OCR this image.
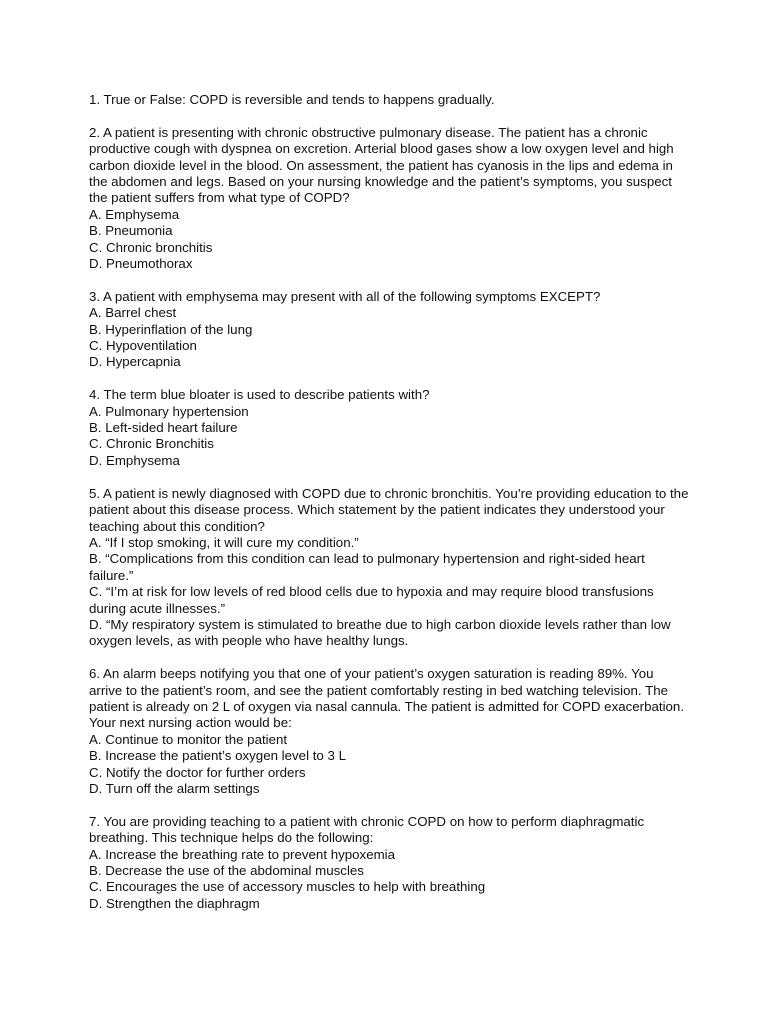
1. True or False: COPD is reversible and tends to happens gradually.
2. A patient is presenting with chronic obstructive pulmonary disease. The patient has a chronic productive cough with dyspnea on excretion. Arterial blood gases show a low oxygen level and high carbon dioxide level in the blood. On assessment, the patient has cyanosis in the lips and edema in the abdomen and legs. Based on your nursing knowledge and the patient’s symptoms, you suspect the patient suffers from what type of COPD?
A. Emphysema
B. Pneumonia
C. Chronic bronchitis
D. Pneumothorax
3. A patient with emphysema may present with all of the following symptoms EXCEPT?
A. Barrel chest
B. Hyperinflation of the lung
C. Hypoventilation
D. Hypercapnia
4. The term blue bloater is used to describe patients with?
A. Pulmonary hypertension
B. Left-sided heart failure
C. Chronic Bronchitis
D. Emphysema
5. A patient is newly diagnosed with COPD due to chronic bronchitis. You’re providing education to the patient about this disease process. Which statement by the patient indicates they understood your teaching about this condition?
A. “If I stop smoking, it will cure my condition.”
B. “Complications from this condition can lead to pulmonary hypertension and right-sided heart failure.”
C. “I’m at risk for low levels of red blood cells due to hypoxia and may require blood transfusions during acute illnesses.”
D. “My respiratory system is stimulated to breathe due to high carbon dioxide levels rather than low oxygen levels, as with people who have healthy lungs.
6. An alarm beeps notifying you that one of your patient’s oxygen saturation is reading 89%. You arrive to the patient’s room, and see the patient comfortably resting in bed watching television. The patient is already on 2 L of oxygen via nasal cannula. The patient is admitted for COPD exacerbation. Your next nursing action would be:
A. Continue to monitor the patient
B. Increase the patient’s oxygen level to 3 L
C. Notify the doctor for further orders
D. Turn off the alarm settings
7. You are providing teaching to a patient with chronic COPD on how to perform diaphragmatic breathing. This technique helps do the following:
A. Increase the breathing rate to prevent hypoxemia
B. Decrease the use of the abdominal muscles
C. Encourages the use of accessory muscles to help with breathing
D. Strengthen the diaphragm
